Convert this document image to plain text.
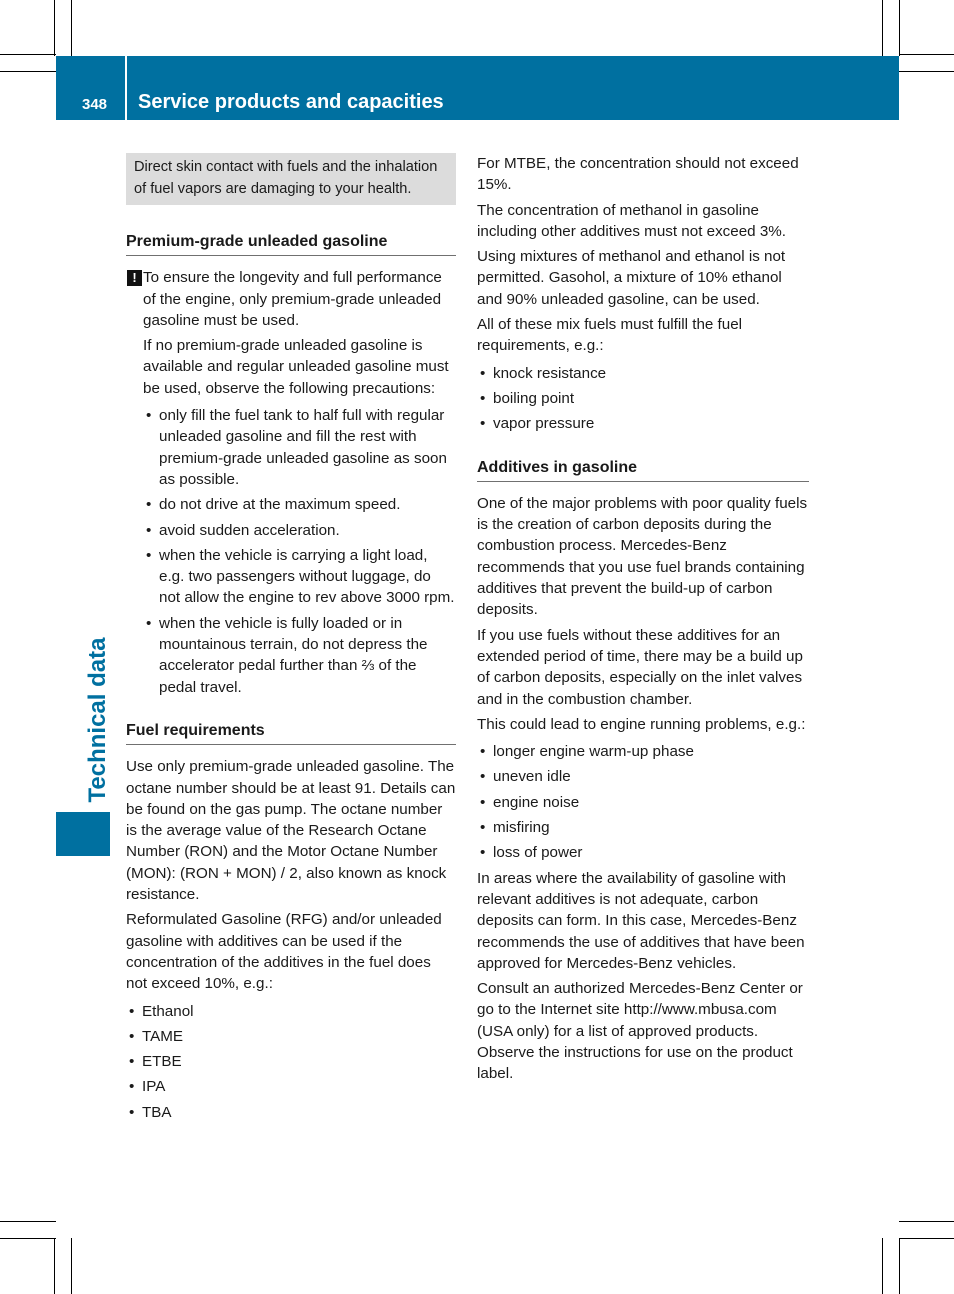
348 Service products and capacities
Technical data
Direct skin contact with fuels and the inhalation of fuel vapors are damaging to your health.
Premium-grade unleaded gasoline
! To ensure the longevity and full performance of the engine, only premium-grade unleaded gasoline must be used.

If no premium-grade unleaded gasoline is available and regular unleaded gasoline must be used, observe the following precautions:

• only fill the fuel tank to half full with regular unleaded gasoline and fill the rest with premium-grade unleaded gasoline as soon as possible.
• do not drive at the maximum speed.
• avoid sudden acceleration.
• when the vehicle is carrying a light load, e.g. two passengers without luggage, do not allow the engine to rev above 3000 rpm.
• when the vehicle is fully loaded or in mountainous terrain, do not depress the accelerator pedal further than ⅔ of the pedal travel.
Fuel requirements

Use only premium-grade unleaded gasoline. The octane number should be at least 91. Details can be found on the gas pump. The octane number is the average value of the Research Octane Number (RON) and the Motor Octane Number (MON): (RON + MON) / 2, also known as knock resistance.

Reformulated Gasoline (RFG) and/or unleaded gasoline with additives can be used if the concentration of the additives in the fuel does not exceed 10%, e.g.:

• Ethanol
• TAME
• ETBE
• IPA
• TBA

For MTBE, the concentration should not exceed 15%.

The concentration of methanol in gasoline including other additives must not exceed 3%.

Using mixtures of methanol and ethanol is not permitted. Gasohol, a mixture of 10% ethanol and 90% unleaded gasoline, can be used.

All of these mix fuels must fulfill the fuel requirements, e.g.:

• knock resistance
• boiling point
• vapor pressure
Additives in gasoline

One of the major problems with poor quality fuels is the creation of carbon deposits during the combustion process. Mercedes-Benz recommends that you use fuel brands containing additives that prevent the build-up of carbon deposits.

If you use fuels without these additives for an extended period of time, there may be a build up of carbon deposits, especially on the inlet valves and in the combustion chamber.

This could lead to engine running problems, e.g.:

• longer engine warm-up phase
• uneven idle
• engine noise
• misfiring
• loss of power

In areas where the availability of gasoline with relevant additives is not adequate, carbon deposits can form. In this case, Mercedes-Benz recommends the use of additives that have been approved for Mercedes-Benz vehicles.

Consult an authorized Mercedes-Benz Center or go to the Internet site http://www.mbusa.com (USA only) for a list of approved products. Observe the instructions for use on the product label.
